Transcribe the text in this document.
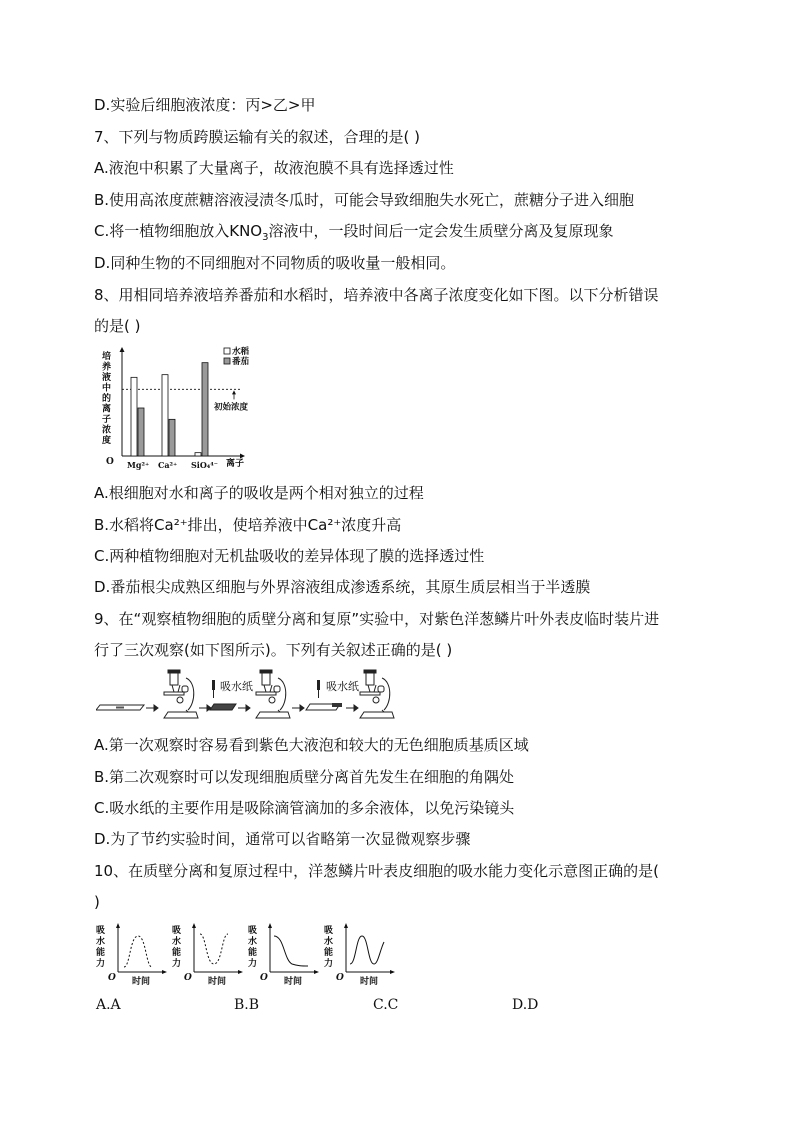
D.实验后细胞液浓度：丙>乙>甲
7、下列与物质跨膜运输有关的叙述，合理的是( )
A.液泡中积累了大量离子，故液泡膜不具有选择透过性
B.使用高浓度蔗糖溶液浸渍冬瓜时，可能会导致细胞失水死亡，蔗糖分子进入细胞
C.将一植物细胞放入$KNO_3$溶液中，一段时间后一定会发生质壁分离及复原现象
D.同种生物的不同细胞对不同物质的吸收量一般相同。
8、用相同培养液培养番茄和水稻时，培养液中各离子浓度变化如下图。以下分析错误
的是( )
培
养
液
中
的
离
子
浓
度
O	离子
初始浓度
水稻
番茄
Mg²⁺ Ca²⁺ SiO₄⁴⁻
A.根细胞对水和离子的吸收是两个相对独立的过程
B.水稻将Ca²⁺排出，使培养液中Ca²⁺浓度升高
C.两种植物细胞对无机盐吸收的差异体现了膜的选择透过性
D.番茄根尖成熟区细胞与外界溶液组成渗透系统，其原生质层相当于半透膜
9、在“观察植物细胞的质壁分离和复原”实验中，对紫色洋葱鳞片叶外表皮临时装片进
行了三次观察(如下图所示)。下列有关叙述正确的是( )
吸水纸	吸水纸
A.第一次观察时容易看到紫色大液泡和较大的无色细胞质基质区域
B.第二次观察时可以发现细胞质壁分离首先发生在细胞的角隅处
C.吸水纸的主要作用是吸除滴管滴加的多余液体，以免污染镜头
D.为了节约实验时间，通常可以省略第一次显微观察步骤
10、在质壁分离和复原过程中，洋葱鳞片叶表皮细胞的吸水能力变化示意图正确的是(
)
吸
水
能
力
O 时间
吸
水
能
力
O 时间
吸
水
能
力
O 时间
吸
水
能
力
O 时间
A.A	B.B	C.C	D.D
